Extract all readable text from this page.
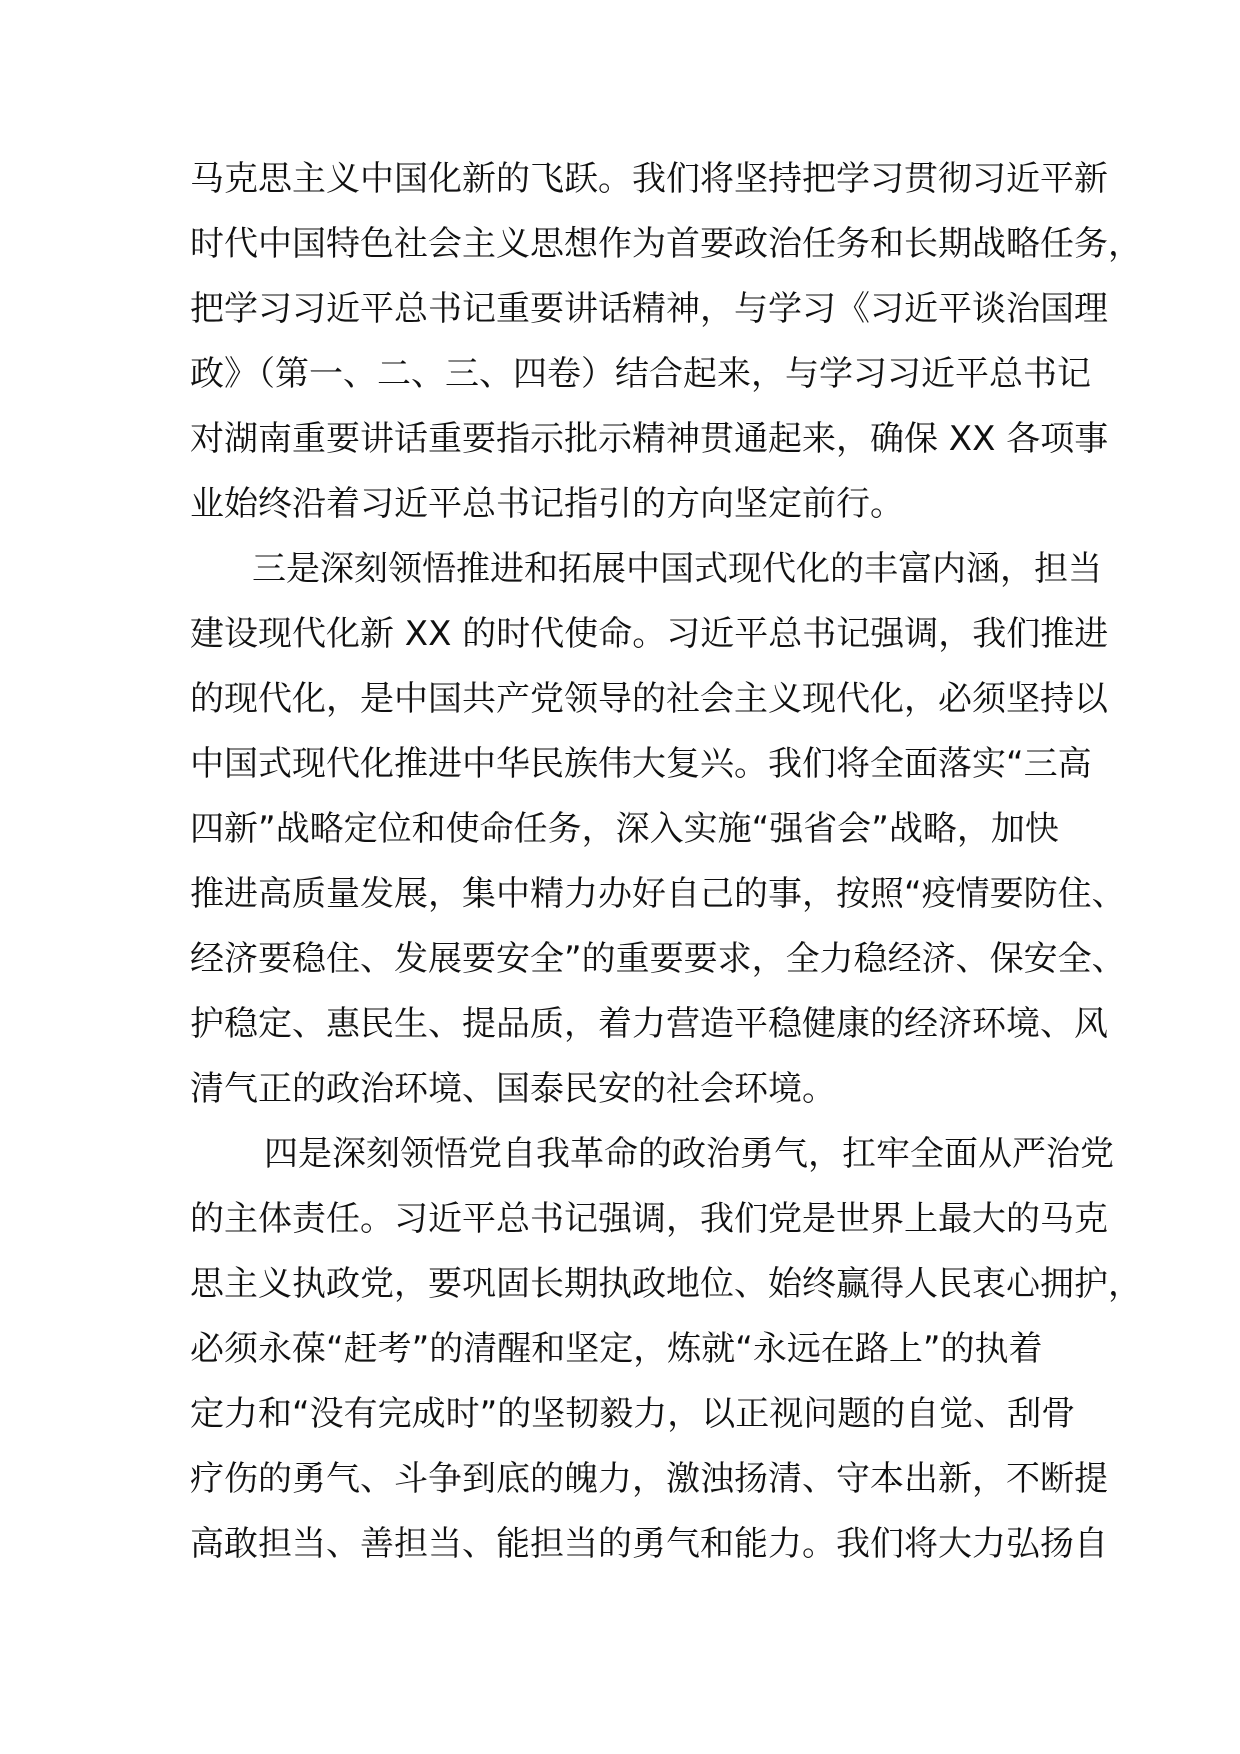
马克思主义中国化新的飞跃。我们将坚持把学习贯彻习近平新
时代中国特色社会主义思想作为首要政治任务和长期战略任务，
把学习习近平总书记重要讲话精神，与学习《习近平谈治国理
政》（第一、二、三、四卷）结合起来，与学习习近平总书记
对湖南重要讲话重要指示批示精神贯通起来，确保 XX 各项事
业始终沿着习近平总书记指引的方向坚定前行。
三是深刻领悟推进和拓展中国式现代化的丰富内涵，担当
建设现代化新 XX 的时代使命。习近平总书记强调，我们推进
的现代化，是中国共产党领导的社会主义现代化，必须坚持以
中国式现代化推进中华民族伟大复兴。我们将全面落实“三高
四新”战略定位和使命任务，深入实施“强省会”战略，加快
推进高质量发展，集中精力办好自己的事，按照“疫情要防住、
经济要稳住、发展要安全”的重要要求，全力稳经济、保安全、
护稳定、惠民生、提品质，着力营造平稳健康的经济环境、风
清气正的政治环境、国泰民安的社会环境。
四是深刻领悟党自我革命的政治勇气，扛牢全面从严治党
的主体责任。习近平总书记强调，我们党是世界上最大的马克
思主义执政党，要巩固长期执政地位、始终赢得人民衷心拥护，
必须永葆“赶考”的清醒和坚定，炼就“永远在路上”的执着
定力和“没有完成时”的坚韧毅力，以正视问题的自觉、刮骨
疗伤的勇气、斗争到底的魄力，激浊扬清、守本出新，不断提
高敢担当、善担当、能担当的勇气和能力。我们将大力弘扬自
